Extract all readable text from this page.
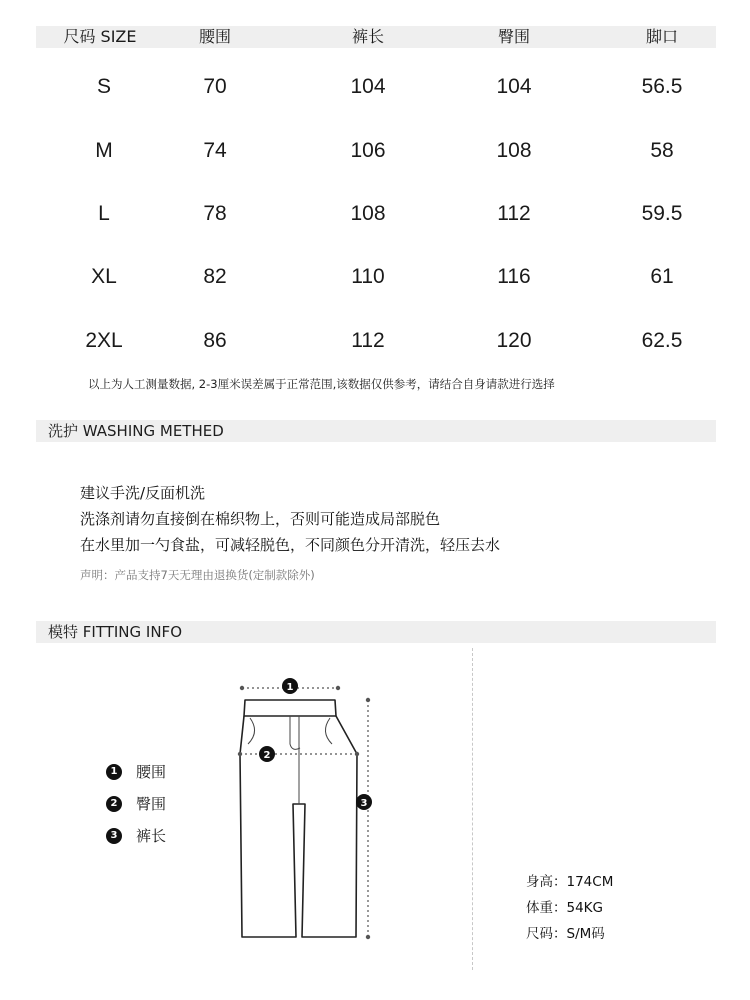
尺码 SIZE	腰围	裤长	臀围	脚口
S	70	104	104	56.5
M	74	106	108	58
L	78	108	112	59.5
XL	82	110	116	61
2XL	86	112	120	62.5
以上为人工测量数据, 2-3厘米误差属于正常范围,该数据仅供参考，请结合自身请款进行选择
洗护 WASHING METHED
建议手洗/反面机洗
洗涤剂请勿直接倒在棉织物上，否则可能造成局部脱色
在水里加一勺食盐，可减轻脱色，不同颜色分开清洗，轻压去水
声明：产品支持7天无理由退换货(定制款除外)
模特 FITTING INFO
1	腰围
2	臀围
3	裤长
1
2
3
身高：174CM
体重：54KG
尺码：S/M码
